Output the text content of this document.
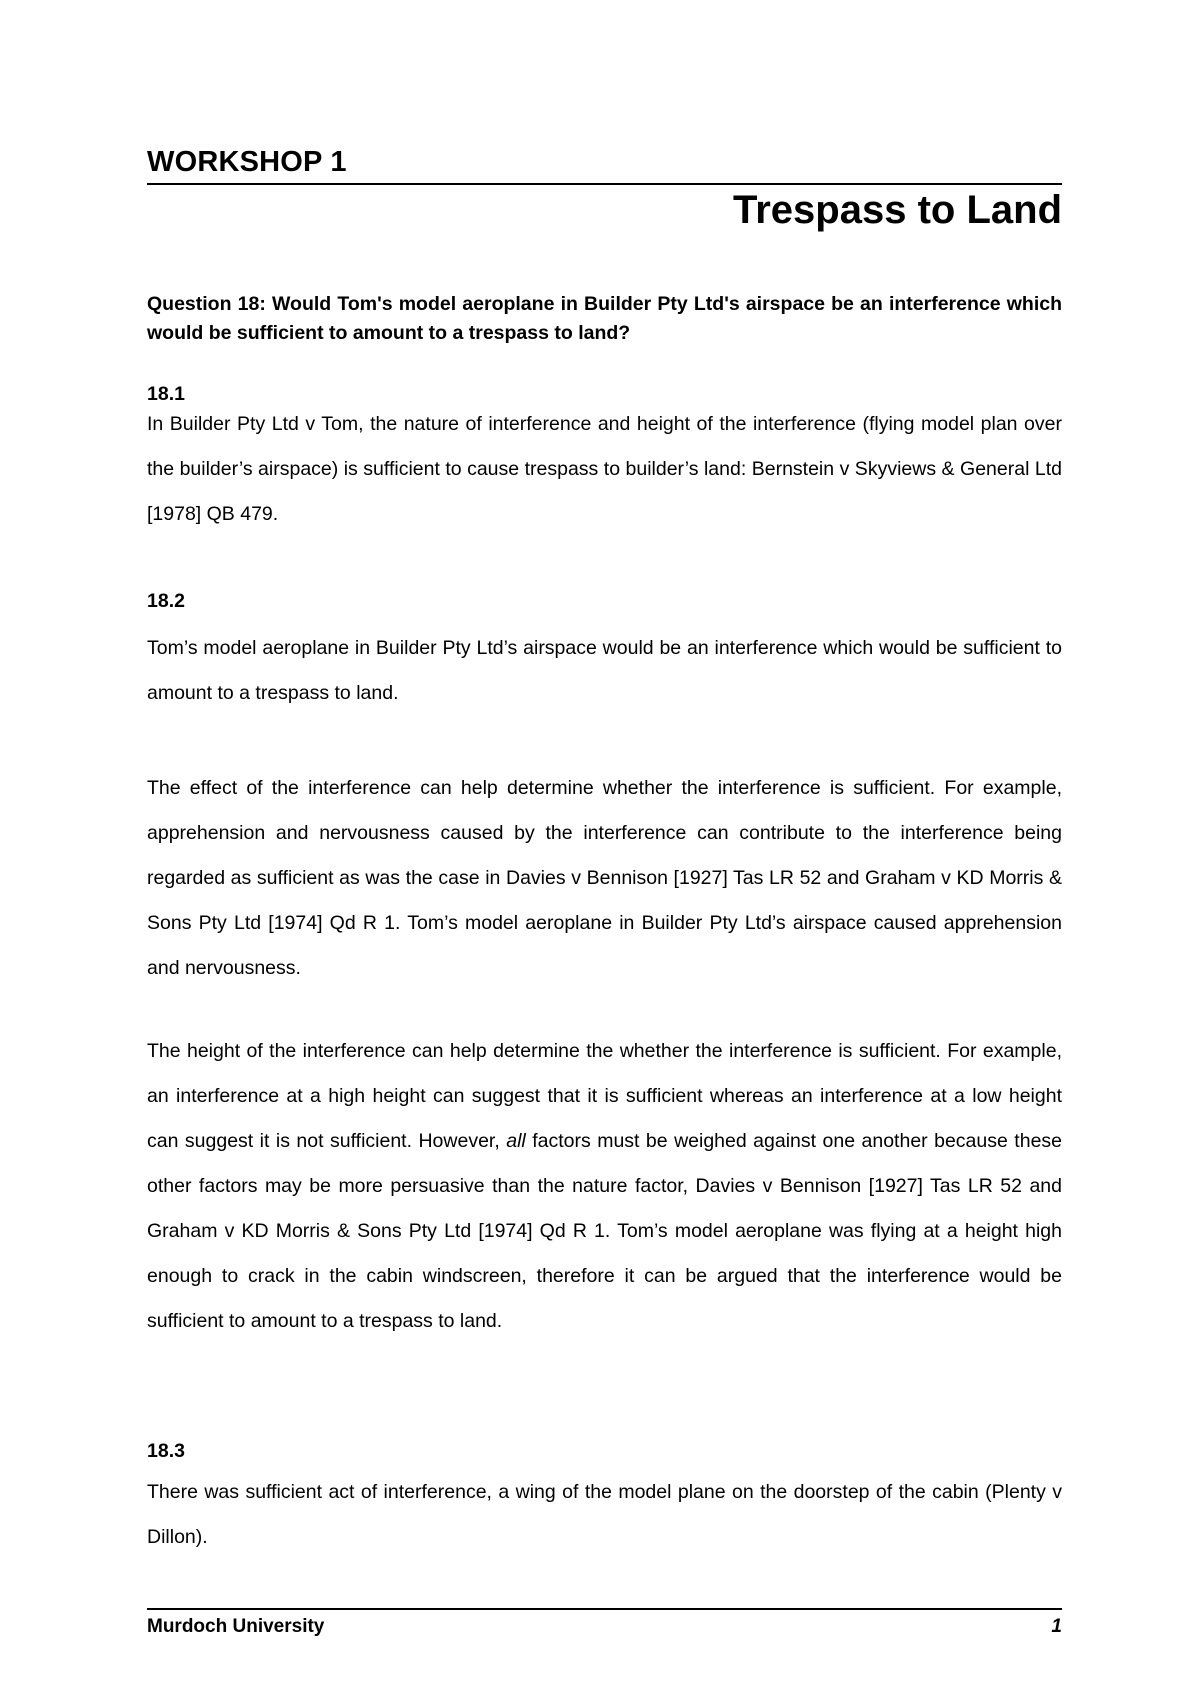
WORKSHOP 1
Trespass to Land

Question 18: Would Tom's model aeroplane in Builder Pty Ltd's airspace be an interference which would be sufficient to amount to a trespass to land?

18.1

In Builder Pty Ltd v Tom, the nature of interference and height of the interference (flying model plan over the builder’s airspace) is sufficient to cause trespass to builder’s land: Bernstein v Skyviews & General Ltd [1978] QB 479.

18.2

Tom’s model aeroplane in Builder Pty Ltd’s airspace would be an interference which would be sufficient to amount to a trespass to land.

The effect of the interference can help determine whether the interference is sufficient. For example, apprehension and nervousness caused by the interference can contribute to the interference being regarded as sufficient as was the case in Davies v Bennison [1927] Tas LR 52 and Graham v KD Morris & Sons Pty Ltd [1974] Qd R 1. Tom’s model aeroplane in Builder Pty Ltd’s airspace caused apprehension and nervousness.

The height of the interference can help determine the whether the interference is sufficient. For example, an interference at a high height can suggest that it is sufficient whereas an interference at a low height can suggest it is not sufficient. However, all factors must be weighed against one another because these other factors may be more persuasive than the nature factor, Davies v Bennison [1927] Tas LR 52 and Graham v KD Morris & Sons Pty Ltd [1974] Qd R 1. Tom’s model aeroplane was flying at a height high enough to crack in the cabin windscreen, therefore it can be argued that the interference would be sufficient to amount to a trespass to land.

18.3

There was sufficient act of interference, a wing of the model plane on the doorstep of the cabin (Plenty v Dillon).

Murdoch University	1
